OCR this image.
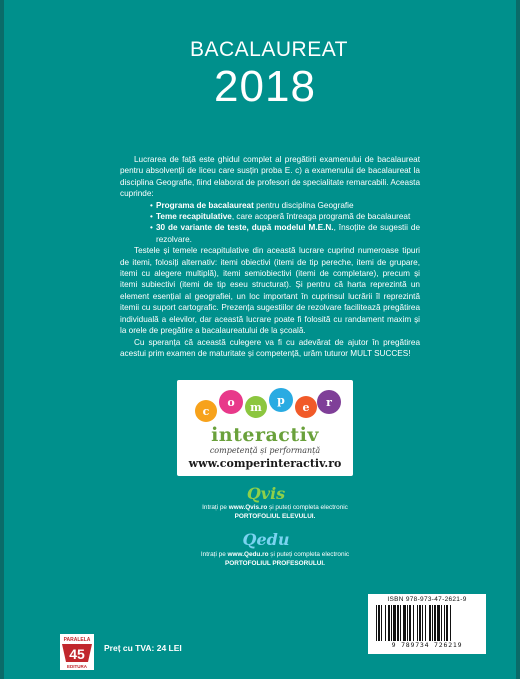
BACALAUREAT
2018

Lucrarea de față este ghidul complet al pregătirii examenului de bacalaureat pentru absolvenții de liceu care susțin proba E. c) a examenului de bacalaureat la disciplina Geografie, fiind elaborat de profesori de specialitate remarcabili. Aceasta cuprinde:

• Programa de bacalaureat pentru disciplina Geografie
• Teme recapitulative, care acoperă întreaga programă de bacalaureat
• 30 de variante de teste, după modelul M.E.N., însoțite de sugestii de rezolvare.

Testele și temele recapitulative din această lucrare cuprind numeroase tipuri de itemi, folosiți alternativ: itemi obiectivi (itemi de tip pereche, itemi de grupare, itemi cu alegere multiplă), itemi semiobiectivi (itemi de completare), precum și itemi subiectivi (itemi de tip eseu structurat). Și pentru că harta reprezintă un element esențial al geografiei, un loc important în cuprinsul lucrării îl reprezintă itemii cu suport cartografic. Prezența sugestiilor de rezolvare facilitează pregătirea individuală a elevilor, dar această lucrare poate fi folosită cu randament maxim și la orele de pregătire a bacalaureatului de la școală.

Cu speranța că această culegere va fi cu adevărat de ajutor în pregătirea acestui prim examen de maturitate și competență, urăm tuturor MULT SUCCES!

c
o m
p
e r
interactiv
competență și performanță
www.comperinteractiv.ro
Qvis
Intrați pe www.Qvis.ro și puteți completa electronic
PORTOFOLIUL ELEVULUI.
Qedu
Intrați pe www.Qedu.ro și puteți completa electronic
PORTOFOLIUL PROFESORULUI.
ISBN 978-973-47-2621-9
9 789734 726219
PARALELA
45
EDITURA
Preț cu TVA: 24 LEI
